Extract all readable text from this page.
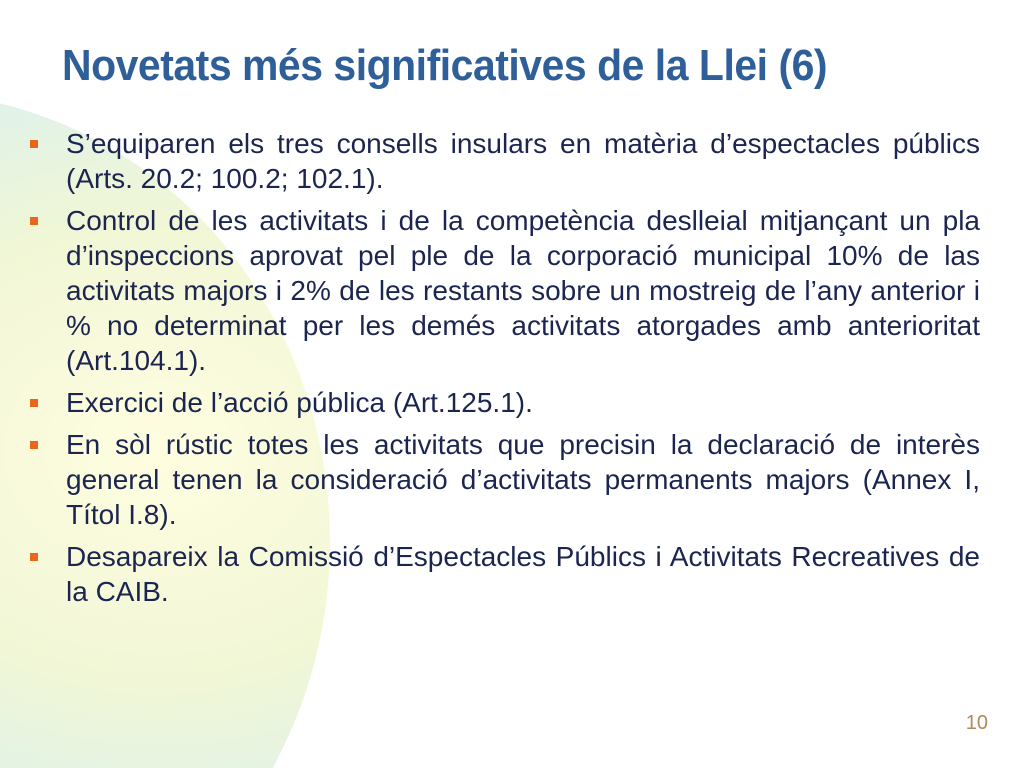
Novetats més significatives de la Llei (6)
S’equiparen els tres consells insulars en matèria d’espectacles públics (Arts. 20.2; 100.2; 102.1).
Control de les activitats i de la competència deslleial mitjançant un pla d’inspeccions aprovat pel ple de la corporació municipal 10% de las activitats majors i 2% de les restants sobre un mostreig de l’any anterior i % no determinat per les demés activitats atorgades amb anterioritat (Art.104.1).
Exercici de l’acció pública (Art.125.1).
En sòl rústic totes les activitats que precisin la declaració de interès general tenen la consideració d’activitats permanents majors (Annex I, Títol I.8).
Desapareix la Comissió d’Espectacles Públics i Activitats Recreatives de la CAIB.
10
